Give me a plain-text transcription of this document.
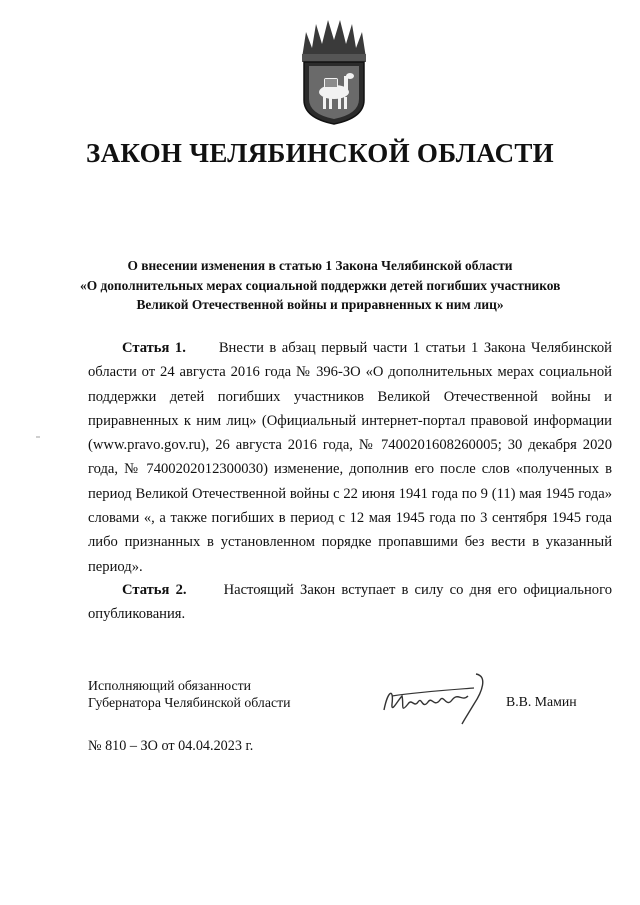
ЗАКОН ЧЕЛЯБИНСКОЙ ОБЛАСТИ
О внесении изменения в статью 1 Закона Челябинской области
«О дополнительных мерах социальной поддержки детей погибших участников
Великой Отечественной войны и приравненных к ним лиц»

Статья 1. Внести в абзац первый части 1 статьи 1 Закона Челябинской области от 24 августа 2016 года № 396-ЗО «О дополнительных мерах социальной поддержки детей погибших участников Великой Отечественной войны и приравненных к ним лиц» (Официальный интернет-портал правовой информации (www.pravo.gov.ru), 26 августа 2016 года, № 7400201608260005; 30 декабря 2020 года, № 7400202012300030) изменение, дополнив его после слов «полученных в период Великой Отечественной войны с 22 июня 1941 года по 9 (11) мая 1945 года» словами «, а также погибших в период с 12 мая 1945 года по 3 сентября 1945 года либо признанных в установленном порядке пропавшими без вести в указанный период».

Статья 2.	Настоящий Закон вступает в силу со дня его официального опубликования.

Исполняющий обязанности
Губернатора Челябинской области	В.В. Мамин
№ 810 – ЗО от 04.04.2023 г.
